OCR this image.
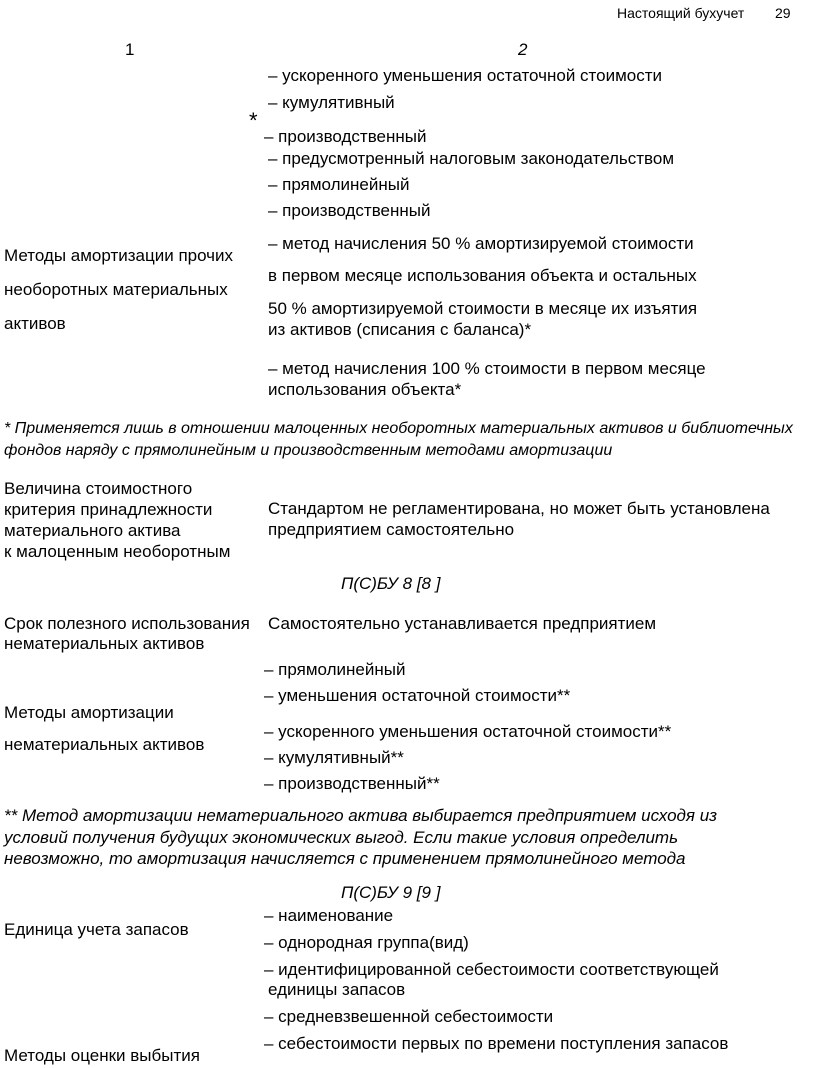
Настоящий бухучет 29
1	2
– ускоренного уменьшения остаточной стоимости
– кумулятивный
*
– производственный
– предусмотренный налоговым законодательством
– прямолинейный
– производственный
– метод начисления 50 % амортизируемой стоимости
в первом месяце использования объекта и остальных
50 % амортизируемой стоимости в месяце их изъятия
из активов (списания с баланса)*
– метод начисления 100 % стоимости в первом месяце
использования объекта*
Методы амортизации прочих
необоротных материальных
активов
* Применяется лишь в отношении малоценных необоротных материальных активов и библиотечных
фондов наряду с прямолинейным и производственным методами амортизации
Величина стоимостного
критерия принадлежности
материального актива
к малоценным необоротным
Стандартом не регламентирована, но может быть установлена
предприятием самостоятельно
П(С)БУ 8 [8 ]
Срок полезного использования
нематериальных активов
Самостоятельно устанавливается предприятием
– прямолинейный
– уменьшения остаточной стоимости**
– ускоренного уменьшения остаточной стоимости**
– кумулятивный**
– производственный**
Методы амортизации
нематериальных активов
** Метод амортизации нематериального актива выбирается предприятием исходя из
условий получения будущих экономических выгод. Если такие условия определить
невозможно, то амортизация начисляется с применением прямолинейного метода
П(С)БУ 9 [9 ]
Единица учета запасов
– наименование
– однородная группа(вид)
– идентифицированной себестоимости соответствующей
единицы запасов
– средневзвешенной себестоимости
– себестоимости первых по времени поступления запасов
Методы оценки выбытия
